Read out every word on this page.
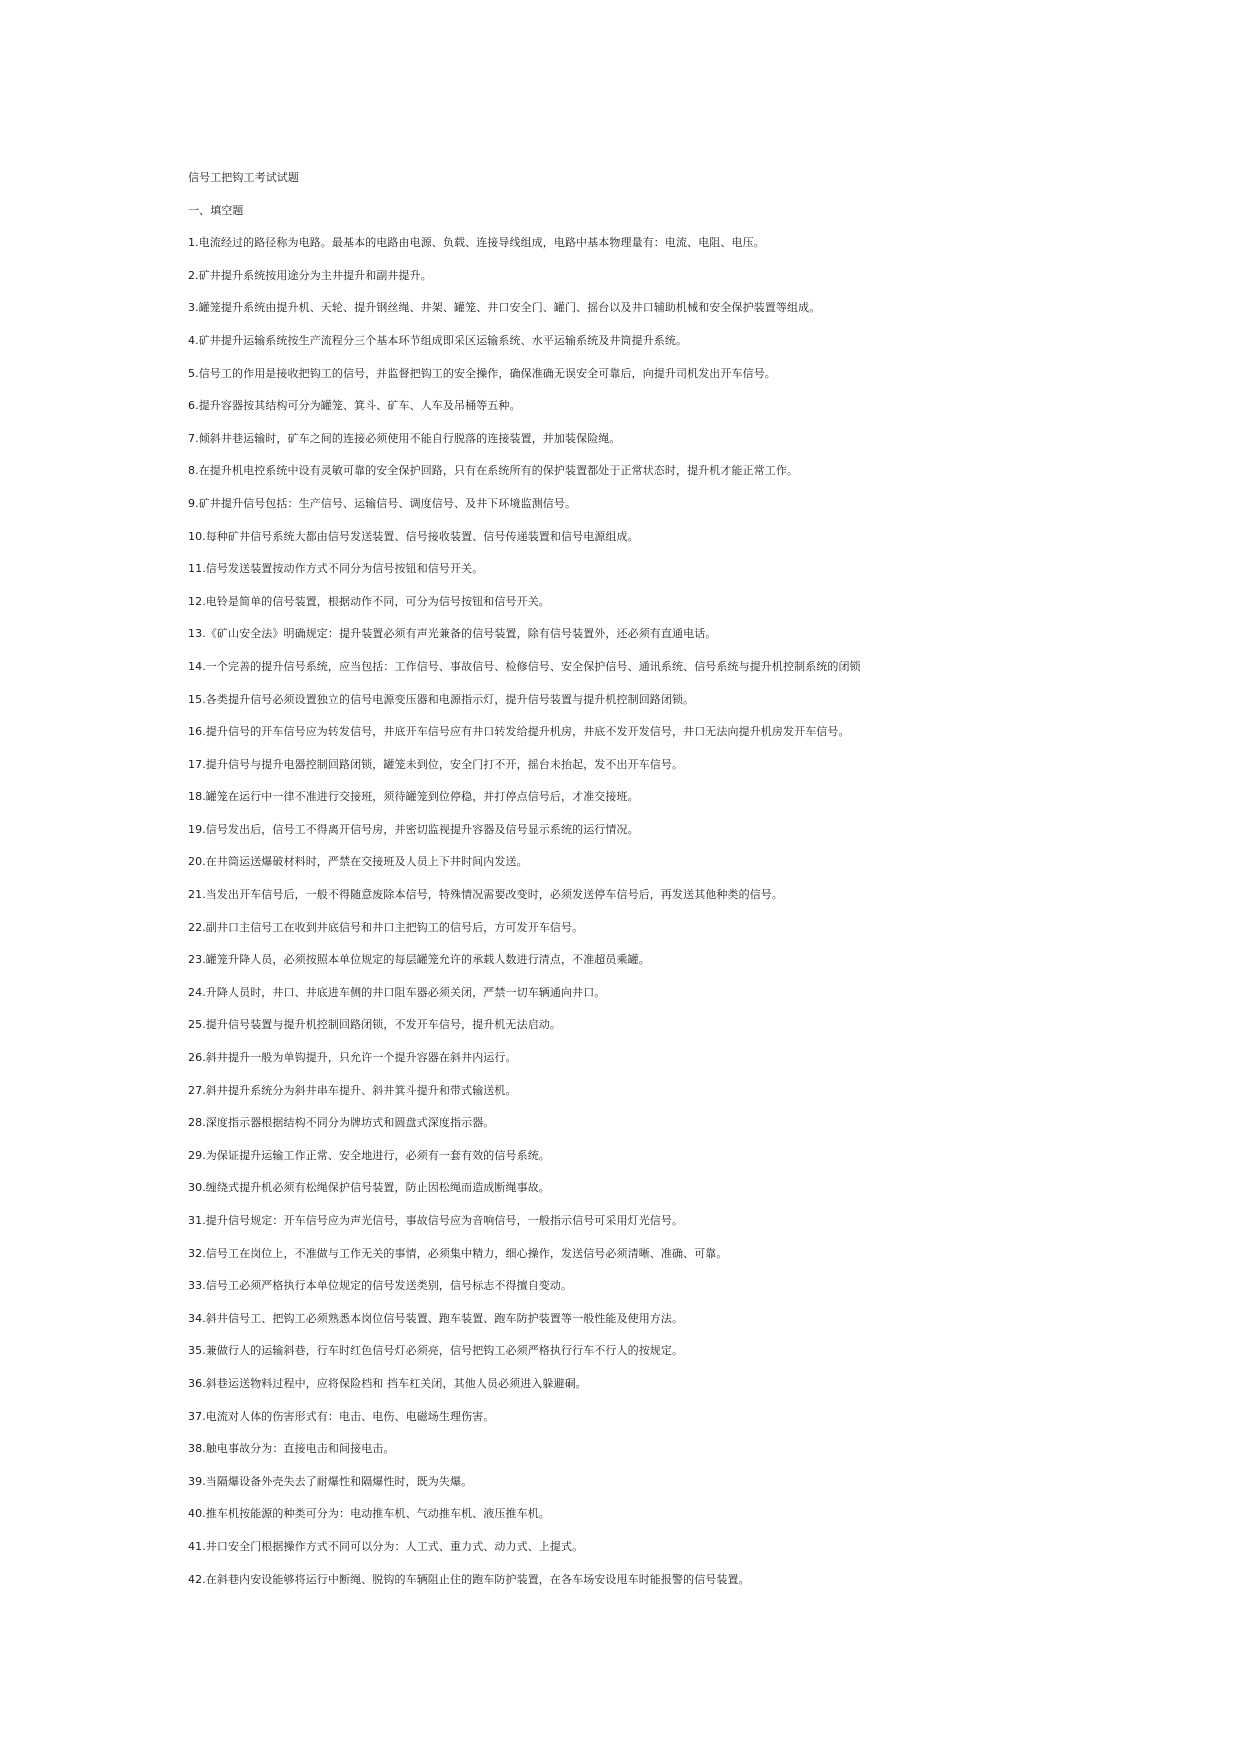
信号工把钩工考试试题
一、填空题
1.电流经过的路径称为电路。最基本的电路由电源、负载、连接导线组成，电路中基本物理量有：电流、电阻、电压。
2.矿井提升系统按用途分为主井提升和副井提升。
3.罐笼提升系统由提升机、天轮、提升钢丝绳、井架、罐笼、井口安全门、罐门、摇台以及井口辅助机械和安全保护装置等组成。
4.矿井提升运输系统按生产流程分三个基本环节组成即采区运输系统、水平运输系统及井筒提升系统。
5.信号工的作用是接收把钩工的信号，并监督把钩工的安全操作，确保准确无误安全可靠后，向提升司机发出开车信号。
6.提升容器按其结构可分为罐笼、箕斗、矿车、人车及吊桶等五种。
7.倾斜井巷运输时，矿车之间的连接必须使用不能自行脱落的连接装置，并加装保险绳。
8.在提升机电控系统中设有灵敏可靠的安全保护回路，只有在系统所有的保护装置都处于正常状态时，提升机才能正常工作。
9.矿井提升信号包括：生产信号、运输信号、调度信号、及井下环境监测信号。
10.每种矿井信号系统大都由信号发送装置、信号接收装置、信号传递装置和信号电源组成。
11.信号发送装置按动作方式不同分为信号按钮和信号开关。
12.电铃是简单的信号装置，根据动作不同，可分为信号按钮和信号开关。
13.《矿山安全法》明确规定：提升装置必须有声光兼备的信号装置，除有信号装置外，还必须有直通电话。
14.一个完善的提升信号系统，应当包括：工作信号、事故信号、检修信号、安全保护信号、通讯系统、信号系统与提升机控制系统的闭锁
15.各类提升信号必须设置独立的信号电源变压器和电源指示灯，提升信号装置与提升机控制回路闭锁。
16.提升信号的开车信号应为转发信号，井底开车信号应有井口转发给提升机房，井底不发开发信号，井口无法向提升机房发开车信号。
17.提升信号与提升电器控制回路闭锁，罐笼未到位，安全门打不开，摇台未抬起，发不出开车信号。
18.罐笼在运行中一律不准进行交接班，须待罐笼到位停稳，并打停点信号后，才准交接班。
19.信号发出后，信号工不得离开信号房，并密切监视提升容器及信号显示系统的运行情况。
20.在井筒运送爆破材料时，严禁在交接班及人员上下井时间内发送。
21.当发出开车信号后，一般不得随意废除本信号，特殊情况需要改变时，必须发送停车信号后，再发送其他种类的信号。
22.副井口主信号工在收到井底信号和井口主把钩工的信号后，方可发开车信号。
23.罐笼升降人员，必须按照本单位规定的每层罐笼允许的承载人数进行清点，不准超员乘罐。
24.升降人员时，井口、井底进车侧的井口阻车器必须关闭，严禁一切车辆通向井口。
25.提升信号装置与提升机控制回路闭锁，不发开车信号，提升机无法启动。
26.斜井提升一般为单钩提升，只允许一个提升容器在斜井内运行。
27.斜井提升系统分为斜井串车提升、斜井箕斗提升和带式输送机。
28.深度指示器根据结构不同分为牌坊式和圆盘式深度指示器。
29.为保证提升运输工作正常、安全地进行，必须有一套有效的信号系统。
30.缠绕式提升机必须有松绳保护信号装置，防止因松绳而造成断绳事故。
31.提升信号规定：开车信号应为声光信号，事故信号应为音响信号，一般指示信号可采用灯光信号。
32.信号工在岗位上，不准做与工作无关的事情，必须集中精力，细心操作，发送信号必须清晰、准确、可靠。
33.信号工必须严格执行本单位规定的信号发送类别，信号标志不得擅自变动。
34.斜井信号工、把钩工必须熟悉本岗位信号装置、跑车装置、跑车防护装置等一般性能及使用方法。
35.兼做行人的运输斜巷，行车时红色信号灯必须亮，信号把钩工必须严格执行行车不行人的按规定。
36.斜巷运送物料过程中，应将保险档和 挡车杠关闭，其他人员必须进入躲避硐。
37.电流对人体的伤害形式有：电击、电伤、电磁场生理伤害。
38.触电事故分为：直接电击和间接电击。
39.当隔爆设备外壳失去了耐爆性和隔爆性时，既为失爆。
40.推车机按能源的种类可分为：电动推车机、气动推车机、液压推车机。
41.井口安全门根据操作方式不同可以分为：人工式、重力式、动力式、上提式。
42.在斜巷内安设能够将运行中断绳、脱钩的车辆阻止住的跑车防护装置，在各车场安设甩车时能报警的信号装置。
